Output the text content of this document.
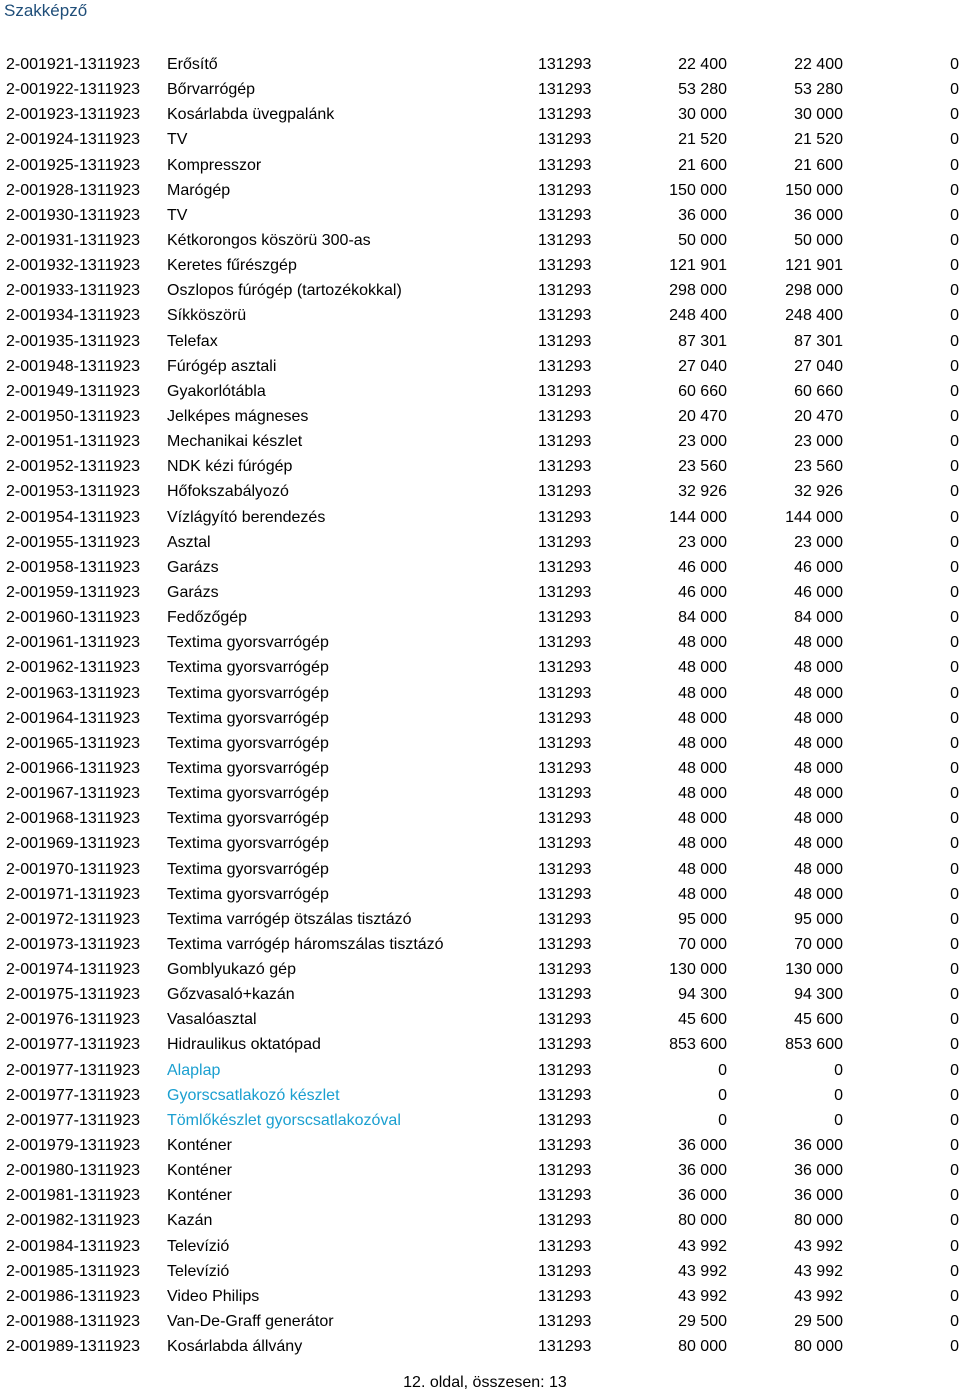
Szakképző
2-001921-1311923 Erősítő	131293	22 400	22 400	0
2-001922-1311923 Bőrvarrógép	131293	53 280	53 280	0
2-001923-1311923 Kosárlabda üvegpalánk	131293	30 000	30 000	0
2-001924-1311923 TV	131293	21 520	21 520	0
2-001925-1311923 Kompresszor	131293	21 600	21 600	0
2-001928-1311923 Marógép	131293	150 000	150 000	0
2-001930-1311923 TV	131293	36 000	36 000	0
2-001931-1311923 Kétkorongos köszörü 300-as	131293	50 000	50 000	0
2-001932-1311923 Keretes fűrészgép	131293	121 901	121 901	0
2-001933-1311923 Oszlopos fúrógép (tartozékokkal)	131293	298 000	298 000	0
2-001934-1311923 Síkköszörü	131293	248 400	248 400	0
2-001935-1311923 Telefax	131293	87 301	87 301	0
2-001948-1311923 Fúrógép asztali	131293	27 040	27 040	0
2-001949-1311923 Gyakorlótábla	131293	60 660	60 660	0
2-001950-1311923 Jelképes mágneses	131293	20 470	20 470	0
2-001951-1311923 Mechanikai készlet	131293	23 000	23 000	0
2-001952-1311923 NDK kézi fúrógép	131293	23 560	23 560	0
2-001953-1311923 Hőfokszabályozó	131293	32 926	32 926	0
2-001954-1311923 Vízlágyító berendezés	131293	144 000	144 000	0
2-001955-1311923 Asztal	131293	23 000	23 000	0
2-001958-1311923 Garázs	131293	46 000	46 000	0
2-001959-1311923 Garázs	131293	46 000	46 000	0
2-001960-1311923 Fedőzőgép	131293	84 000	84 000	0
2-001961-1311923 Textima gyorsvarrógép	131293	48 000	48 000	0
2-001962-1311923 Textima gyorsvarrógép	131293	48 000	48 000	0
2-001963-1311923 Textima gyorsvarrógép	131293	48 000	48 000	0
2-001964-1311923 Textima gyorsvarrógép	131293	48 000	48 000	0
2-001965-1311923 Textima gyorsvarrógép	131293	48 000	48 000	0
2-001966-1311923 Textima gyorsvarrógép	131293	48 000	48 000	0
2-001967-1311923 Textima gyorsvarrógép	131293	48 000	48 000	0
2-001968-1311923 Textima gyorsvarrógép	131293	48 000	48 000	0
2-001969-1311923 Textima gyorsvarrógép	131293	48 000	48 000	0
2-001970-1311923 Textima gyorsvarrógép	131293	48 000	48 000	0
2-001971-1311923 Textima gyorsvarrógép	131293	48 000	48 000	0
2-001972-1311923 Textima varrógép ötszálas tisztázó	131293	95 000	95 000	0
2-001973-1311923 Textima varrógép háromszálas tisztázó	131293	70 000	70 000	0
2-001974-1311923 Gomblyukazó gép	131293	130 000	130 000	0
2-001975-1311923 Gőzvasaló+kazán	131293	94 300	94 300	0
2-001976-1311923 Vasalóasztal	131293	45 600	45 600	0
2-001977-1311923 Hidraulikus oktatópad	131293	853 600	853 600	0
2-001977-1311923 Alaplap	131293	0	0	0
2-001977-1311923 Gyorscsatlakozó készlet	131293	0	0	0
2-001977-1311923 Tömlőkészlet gyorscsatlakozóval	131293	0	0	0
2-001979-1311923 Konténer	131293	36 000	36 000	0
2-001980-1311923 Konténer	131293	36 000	36 000	0
2-001981-1311923 Konténer	131293	36 000	36 000	0
2-001982-1311923 Kazán	131293	80 000	80 000	0
2-001984-1311923 Televízió	131293	43 992	43 992	0
2-001985-1311923 Televízió	131293	43 992	43 992	0
2-001986-1311923 Video Philips	131293	43 992	43 992	0
2-001988-1311923 Van-De-Graff generátor	131293	29 500	29 500	0
2-001989-1311923 Kosárlabda állvány	131293	80 000	80 000	0
12. oldal, összesen: 13
